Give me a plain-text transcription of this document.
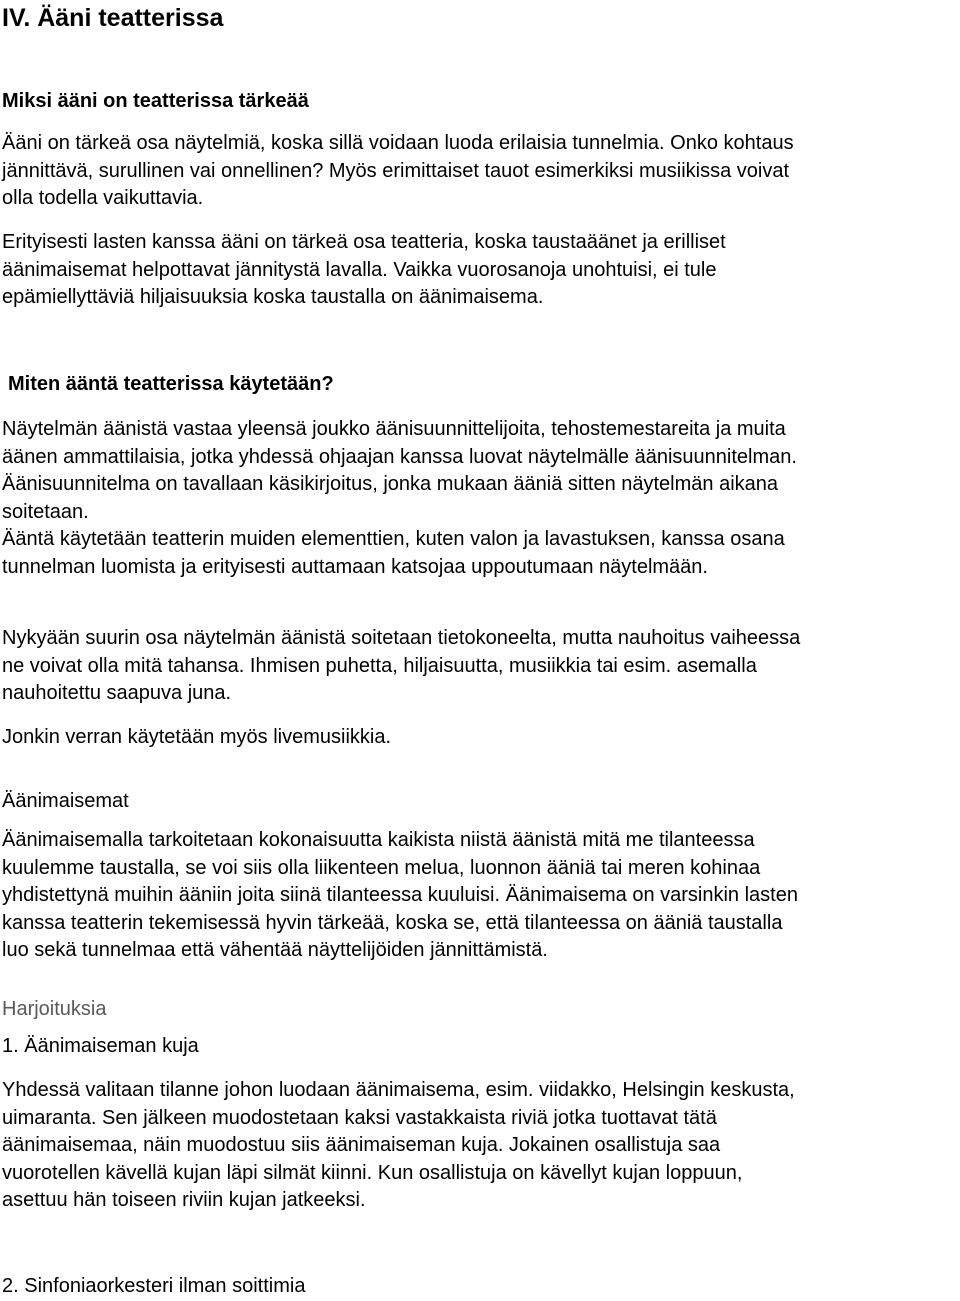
IV. Ääni teatterissa
Miksi ääni on teatterissa tärkeää

Ääni on tärkeä osa näytelmiä, koska sillä voidaan luoda erilaisia tunnelmia. Onko kohtaus
jännittävä, surullinen vai onnellinen? Myös erimittaiset tauot esimerkiksi musiikissa voivat
olla todella vaikuttavia.

Erityisesti lasten kanssa ääni on tärkeä osa teatteria, koska taustaäänet ja erilliset
äänimaisemat helpottavat jännitystä lavalla. Vaikka vuorosanoja unohtuisi, ei tule
epämiellyttäviä hiljaisuuksia koska taustalla on äänimaisema.

Miten ääntä teatterissa käytetään?

Näytelmän äänistä vastaa yleensä joukko äänisuunnittelijoita, tehostemestareita ja muita
äänen ammattilaisia, jotka yhdessä ohjaajan kanssa luovat näytelmälle äänisuunnitelman.
Äänisuunnitelma on tavallaan käsikirjoitus, jonka mukaan ääniä sitten näytelmän aikana
soitetaan.
Ääntä käytetään teatterin muiden elementtien, kuten valon ja lavastuksen, kanssa osana
tunnelman luomista ja erityisesti auttamaan katsojaa uppoutumaan näytelmään.

Nykyään suurin osa näytelmän äänistä soitetaan tietokoneelta, mutta nauhoitus vaiheessa
ne voivat olla mitä tahansa. Ihmisen puhetta, hiljaisuutta, musiikkia tai esim. asemalla
nauhoitettu saapuva juna.

Jonkin verran käytetään myös livemusiikkia.

Äänimaisemat

Äänimaisemalla tarkoitetaan kokonaisuutta kaikista niistä äänistä mitä me tilanteessa
kuulemme taustalla, se voi siis olla liikenteen melua, luonnon ääniä tai meren kohinaa
yhdistettynä muihin ääniin joita siinä tilanteessa kuuluisi. Äänimaisema on varsinkin lasten
kanssa teatterin tekemisessä hyvin tärkeää, koska se, että tilanteessa on ääniä taustalla
luo sekä tunnelmaa että vähentää näyttelijöiden jännittämistä.

Harjoituksia
1. Äänimaiseman kuja

Yhdessä valitaan tilanne johon luodaan äänimaisema, esim. viidakko, Helsingin keskusta,
uimaranta. Sen jälkeen muodostetaan kaksi vastakkaista riviä jotka tuottavat tätä
äänimaisemaa, näin muodostuu siis äänimaiseman kuja. Jokainen osallistuja saa
vuorotellen kävellä kujan läpi silmät kiinni. Kun osallistuja on kävellyt kujan loppuun,
asettuu hän toiseen riviin kujan jatkeeksi.

2. Sinfoniaorkesteri ilman soittimia
